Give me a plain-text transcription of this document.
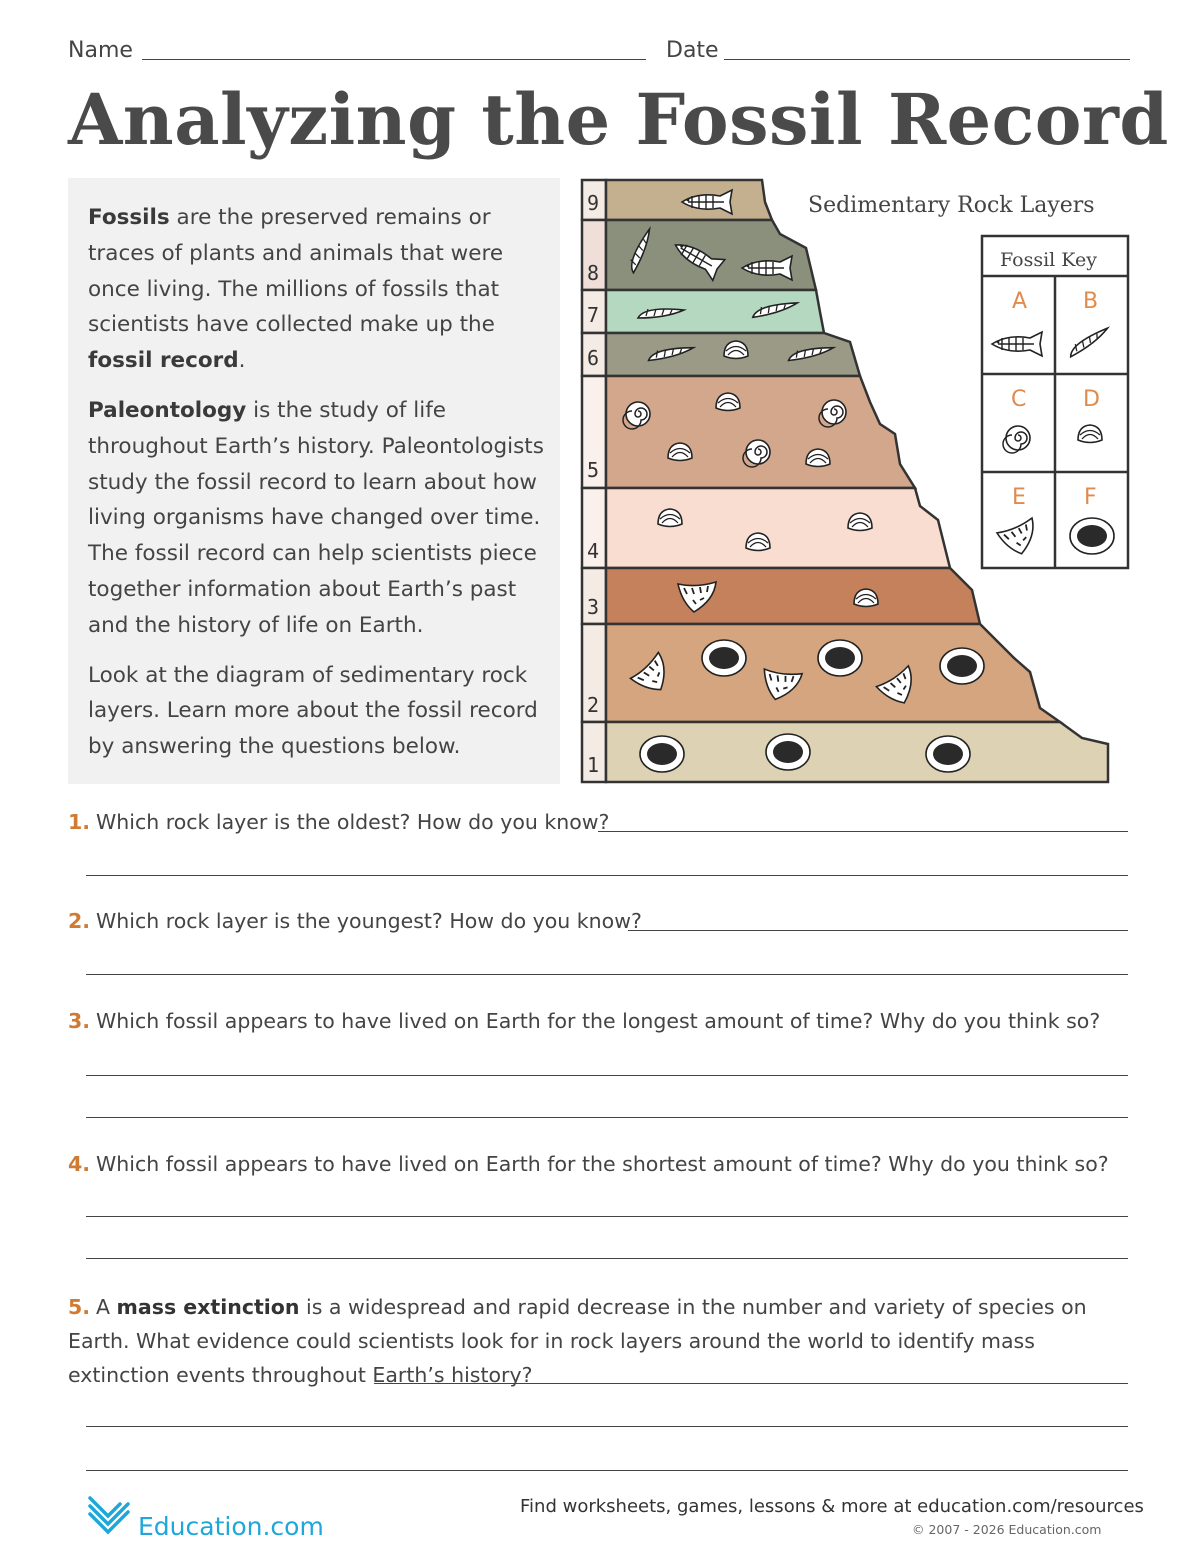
Name	Date
Analyzing the Fossil Record

Fossils are the preserved remains or traces of plants and animals that were once living. The millions of fossils that scientists have collected make up the fossil record.

Paleontology is the study of life throughout Earth’s history. Paleontologists study the fossil record to learn about how living organisms have changed over time. The fossil record can help scientists piece together information about Earth’s past and the history of life on Earth.

Look at the diagram of sedimentary rock layers. Learn more about the fossil record by answering the questions below.

9
8
7
6
5
4
3
2
1
Sedimentary Rock Layers
Fossil Key
A	B
C	D
E	F
1. Which rock layer is the oldest? How do you know?
2. Which rock layer is the youngest? How do you know?
3. Which fossil appears to have lived on Earth for the longest amount of time? Why do you think so?
4. Which fossil appears to have lived on Earth for the shortest amount of time? Why do you think so?
5. A mass extinction is a widespread and rapid decrease in the number and variety of species on Earth. What evidence could scientists look for in rock layers around the world to identify mass extinction events throughout Earth’s history?
Education.com
Find worksheets, games, lessons & more at education.com/resources
© 2007 - 2026 Education.com
